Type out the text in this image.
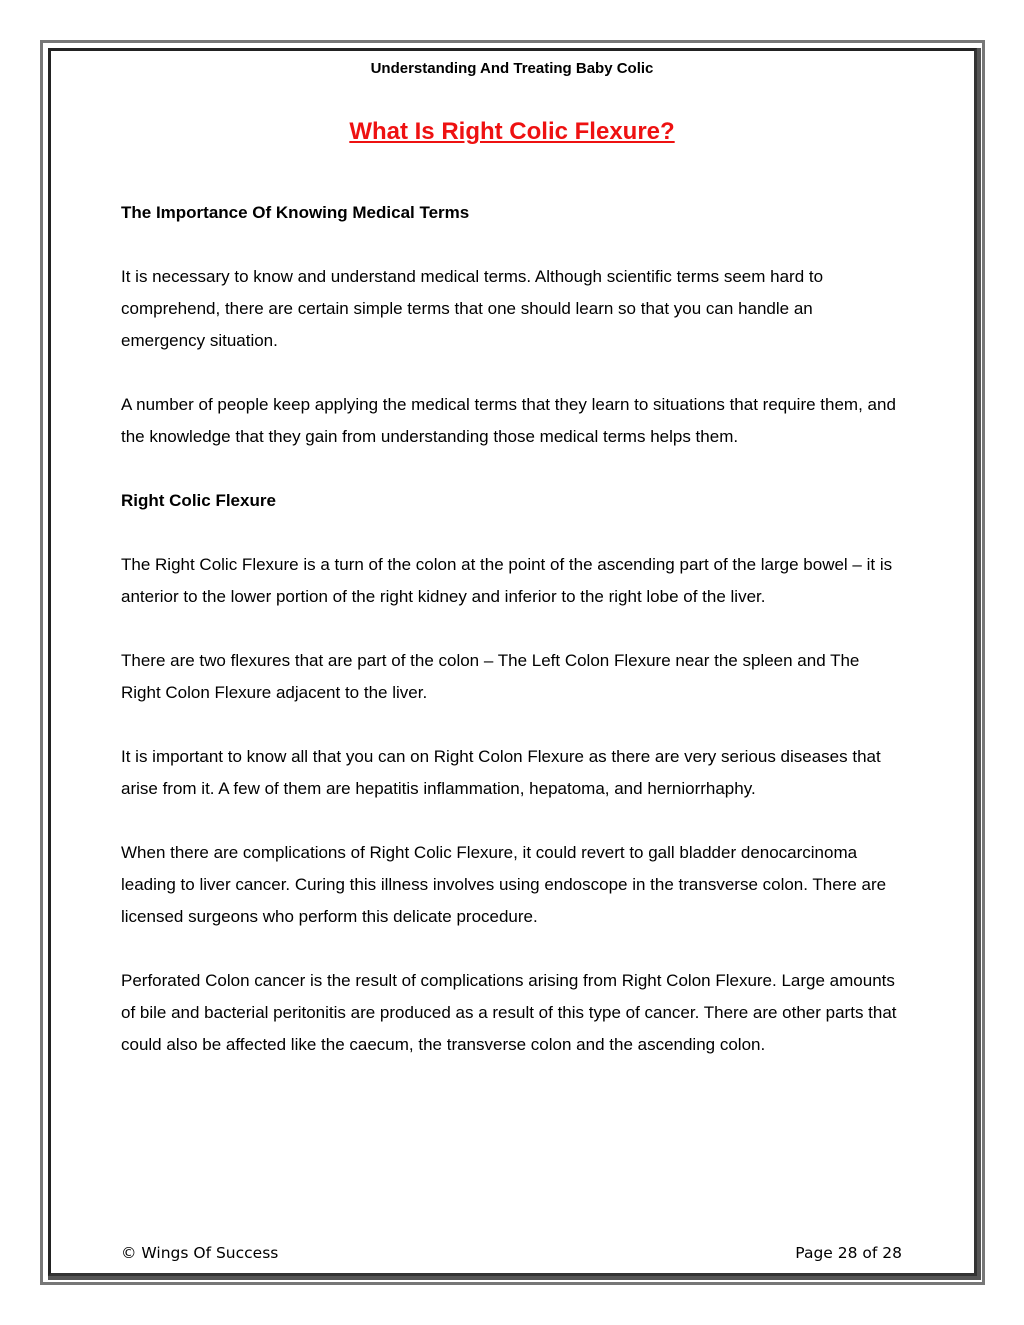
Understanding And Treating Baby Colic
What Is Right Colic Flexure?
The Importance Of Knowing Medical Terms

It is necessary to know and understand medical terms. Although scientific terms seem hard to comprehend, there are certain simple terms that one should learn so that you can handle an emergency situation.

A number of people keep applying the medical terms that they learn to situations that require them, and the knowledge that they gain from understanding those medical terms helps them.

Right Colic Flexure

The Right Colic Flexure is a turn of the colon at the point of the ascending part of the large bowel – it is anterior to the lower portion of the right kidney and inferior to the right lobe of the liver.

There are two flexures that are part of the colon – The Left Colon Flexure near the spleen and The Right Colon Flexure adjacent to the liver.

It is important to know all that you can on Right Colon Flexure as there are very serious diseases that arise from it. A few of them are hepatitis inflammation, hepatoma, and herniorrhaphy.

When there are complications of Right Colic Flexure, it could revert to gall bladder denocarcinoma leading to liver cancer. Curing this illness involves using endoscope in the transverse colon. There are licensed surgeons who perform this delicate procedure.

Perforated Colon cancer is the result of complications arising from Right Colon Flexure. Large amounts of bile and bacterial peritonitis are produced as a result of this type of cancer. There are other parts that could also be affected like the caecum, the transverse colon and the ascending colon.

© Wings Of Success	Page 28 of 28
